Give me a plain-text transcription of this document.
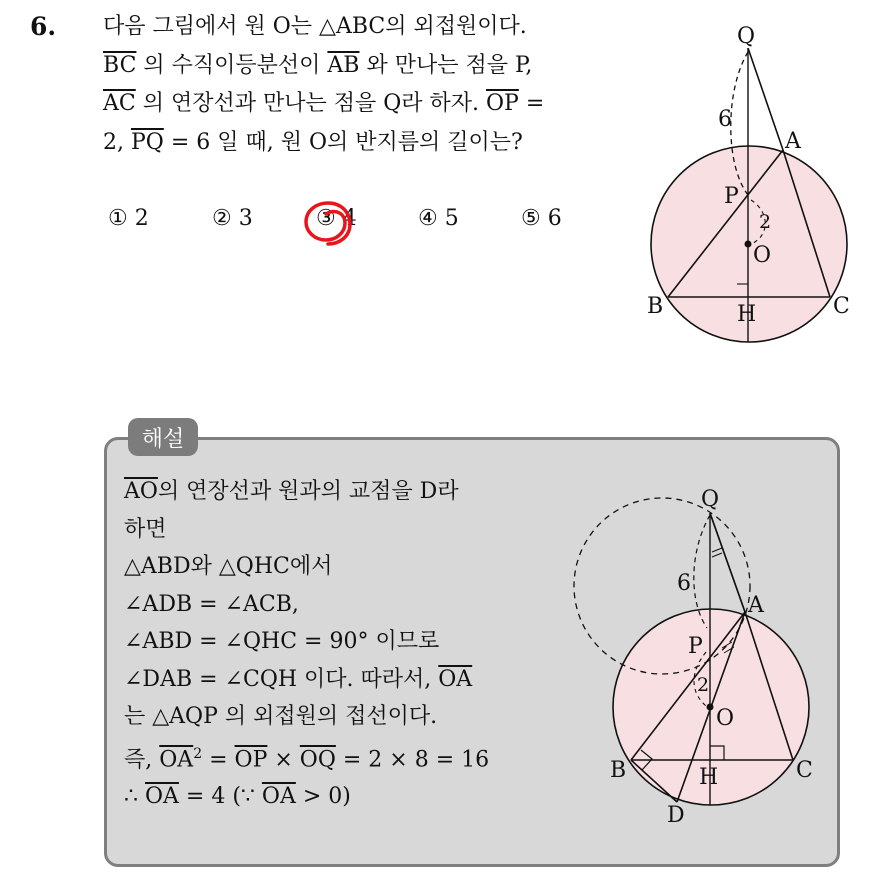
6. 다음 그림에서 원 O는 △ABC의 외접원이다.
$\overline{BC}$ 의 수직이등분선이 $\overline{AB}$ 와 만나는 점을 P,
$\overline{AC}$ 의 연장선과 만나는 점을 Q라 하자. $\overline{OP}$ =
2, $\overline{PQ} = 6$ 일 때, 원 O의 반지름의 길이는?
① 2	② 3	③ 4	④ 5	⑤ 6
Q
A
P
O
B	H	C
6
2
해설
$\overline{AO}$의 연장선과 원과의 교점을 D라
하면
△ABD와 △QHC에서
∠ADB = ∠ACB,
∠ABD = ∠QHC = 90° 이므로
∠DAB = ∠CQH 이다. 따라서, $\overline{OA}$
는 △AQP 의 외접원의 접선이다.
즉, $\overline{OA}^2 = \overline{OP} \times \overline{OQ} = 2 \times 8 = 16$
∴ $\overline{OA} = 4$ (∵ $\overline{OA} > 0$)
Q
A
P
O
B	H	C
D
6
2
